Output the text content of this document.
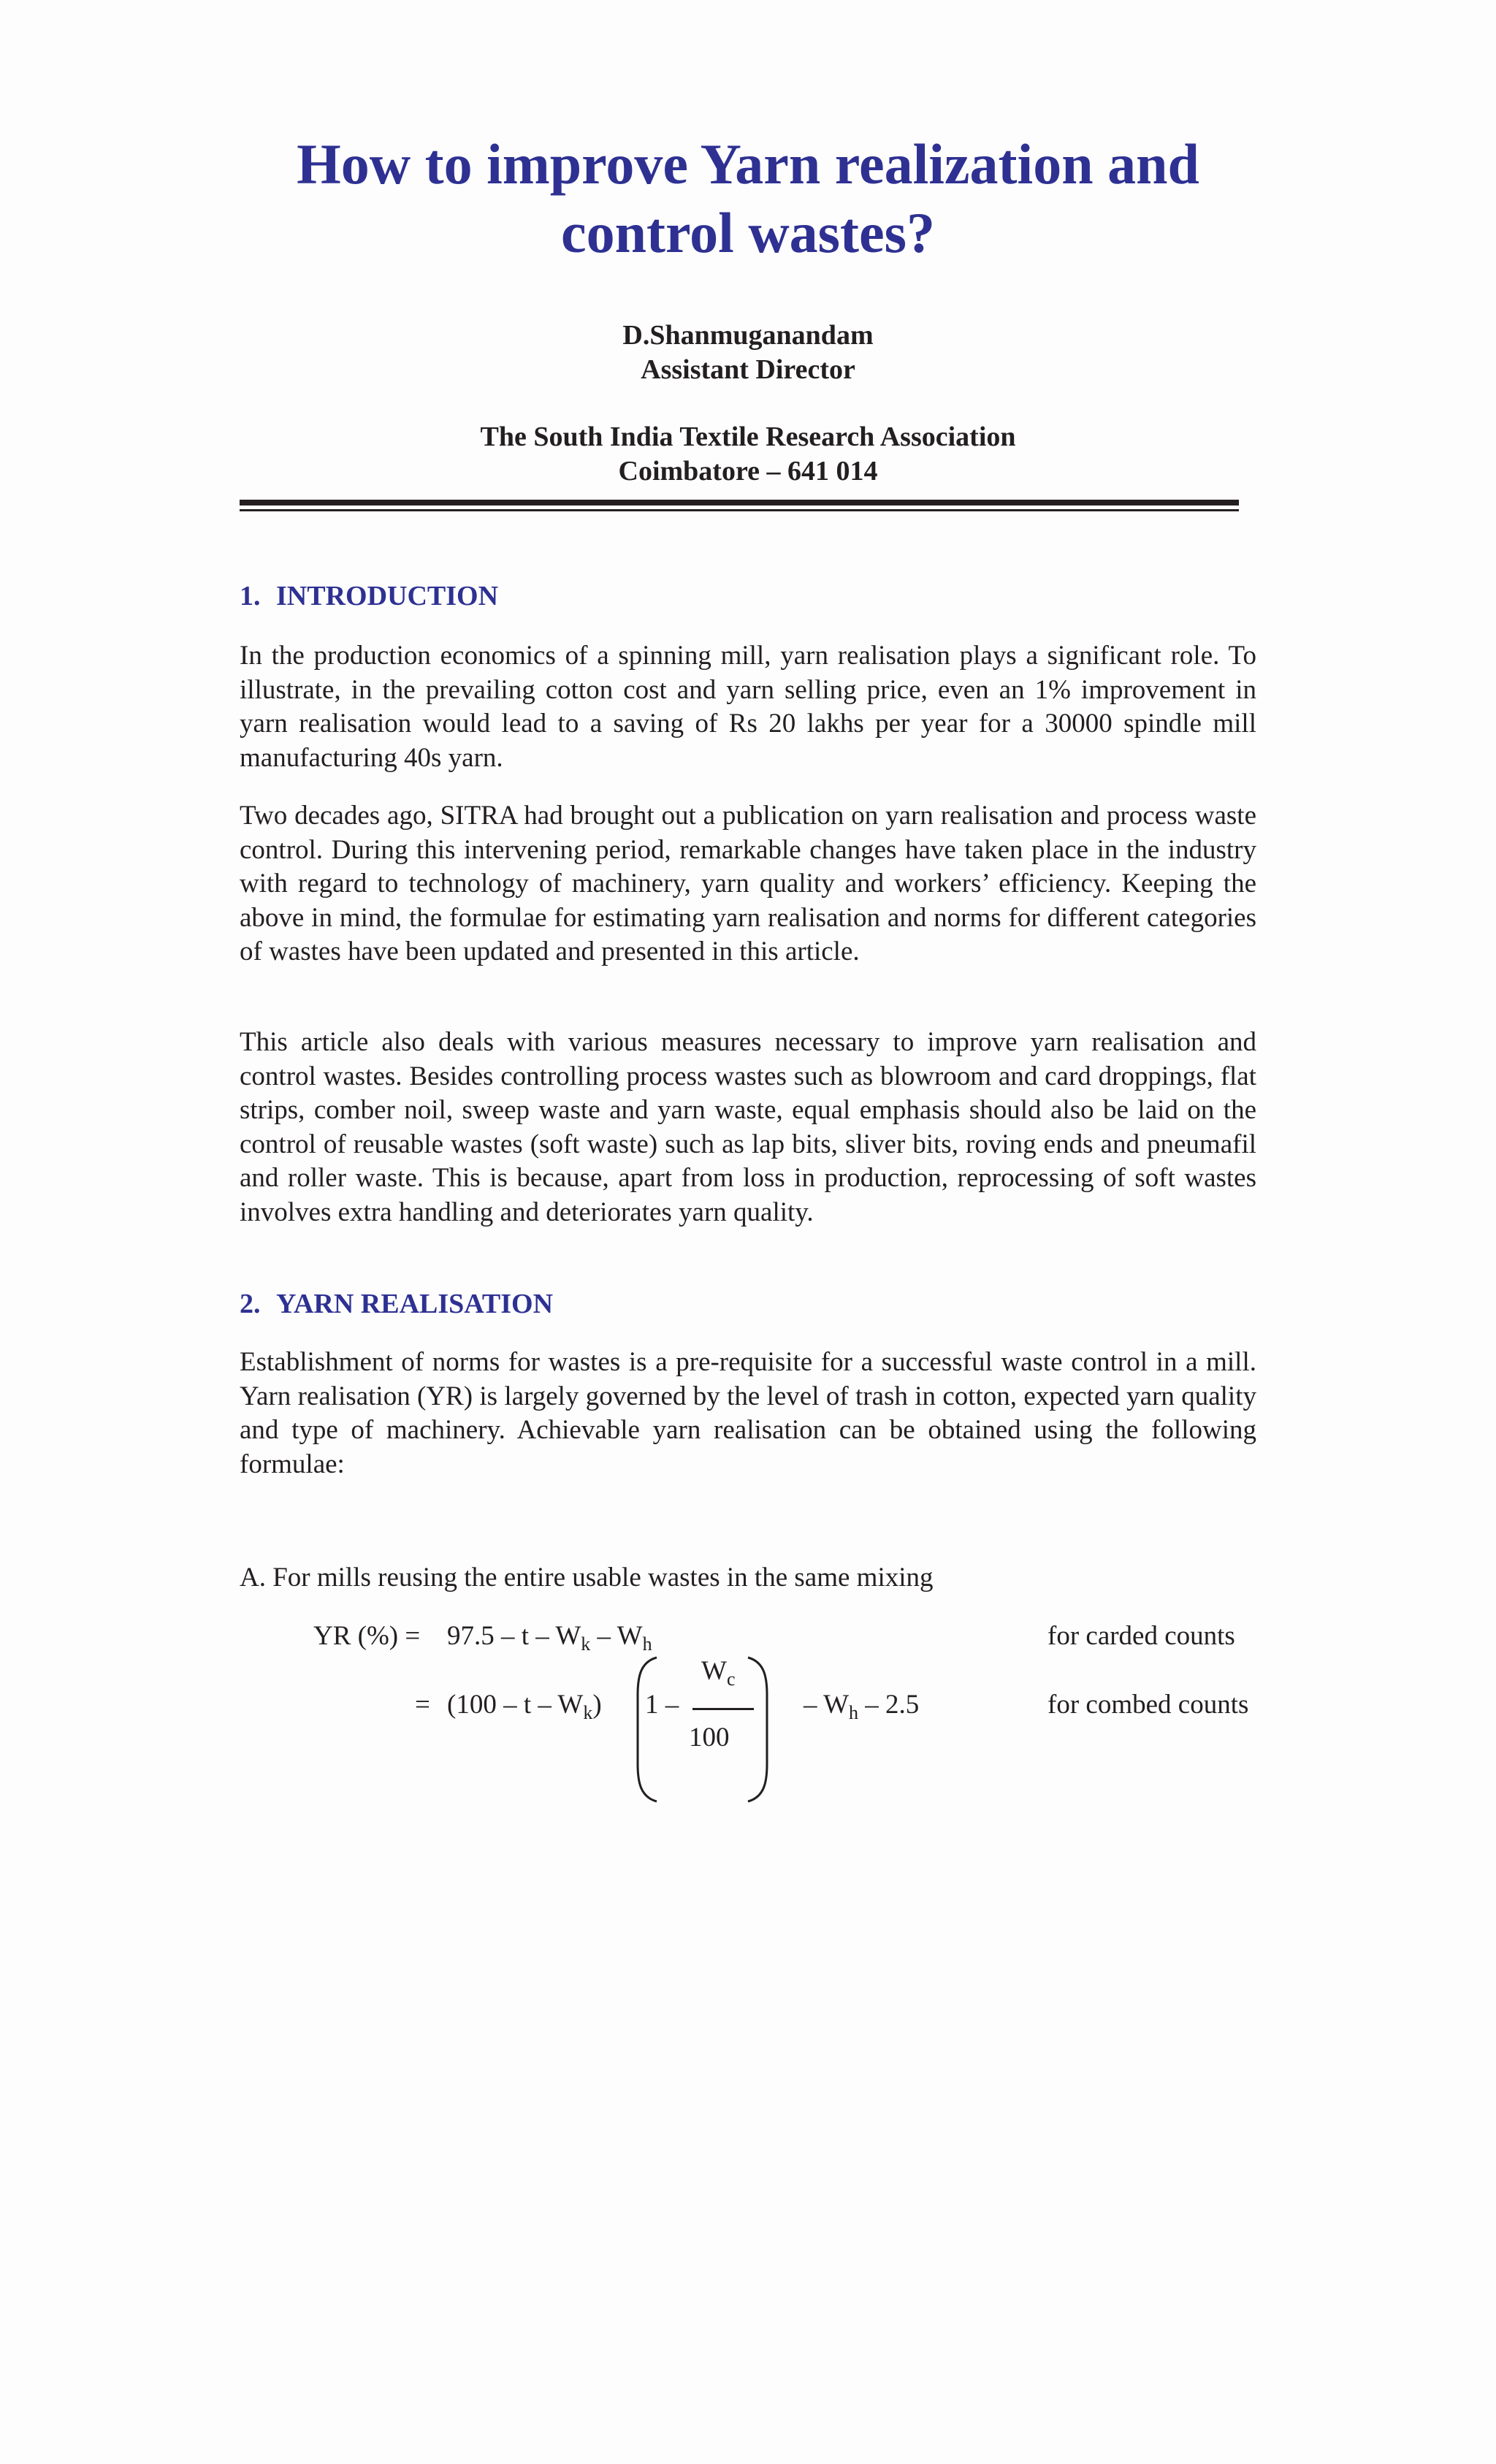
How to improve Yarn realization and control wastes?

D.Shanmuganandam

Assistant Director

The South India Textile Research Association

Coimbatore – 641 014

1. INTRODUCTION

In the production economics of a spinning mill, yarn realisation plays a significant role. To illustrate, in the prevailing cotton cost and yarn selling price, even an 1% improvement in yarn realisation would lead to a saving of Rs 20 lakhs per year for a 30000 spindle mill manufacturing 40s yarn.

Two decades ago, SITRA had brought out a publication on yarn realisation and process waste control. During this intervening period, remarkable changes have taken place in the industry with regard to technology of machinery, yarn quality and workers’ efficiency. Keeping the above in mind, the formulae for estimating yarn realisation and norms for different categories of wastes have been updated and presented in this article.

This article also deals with various measures necessary to improve yarn realisation and control wastes. Besides controlling process wastes such as blowroom and card droppings, flat strips, comber noil, sweep waste and yarn waste, equal emphasis should also be laid on the control of reusable wastes (soft waste) such as lap bits, sliver bits, roving ends and pneumafil and roller waste. This is because, apart from loss in production, reprocessing of soft wastes involves extra handling and deteriorates yarn quality.

2. YARN REALISATION

Establishment of norms for wastes is a pre-requisite for a successful waste control in a mill. Yarn realisation (YR) is largely governed by the level of trash in cotton, expected yarn quality and type of machinery. Achievable yarn realisation can be obtained using the following formulae:

A. For mills reusing the entire usable wastes in the same mixing
YR (%) = 97.5 – t – $W_k - W_h$	for carded counts
= (100 – t – $W_k$) 1 –
$W_c$
100
– $W_h - 2.5$	for combed counts
